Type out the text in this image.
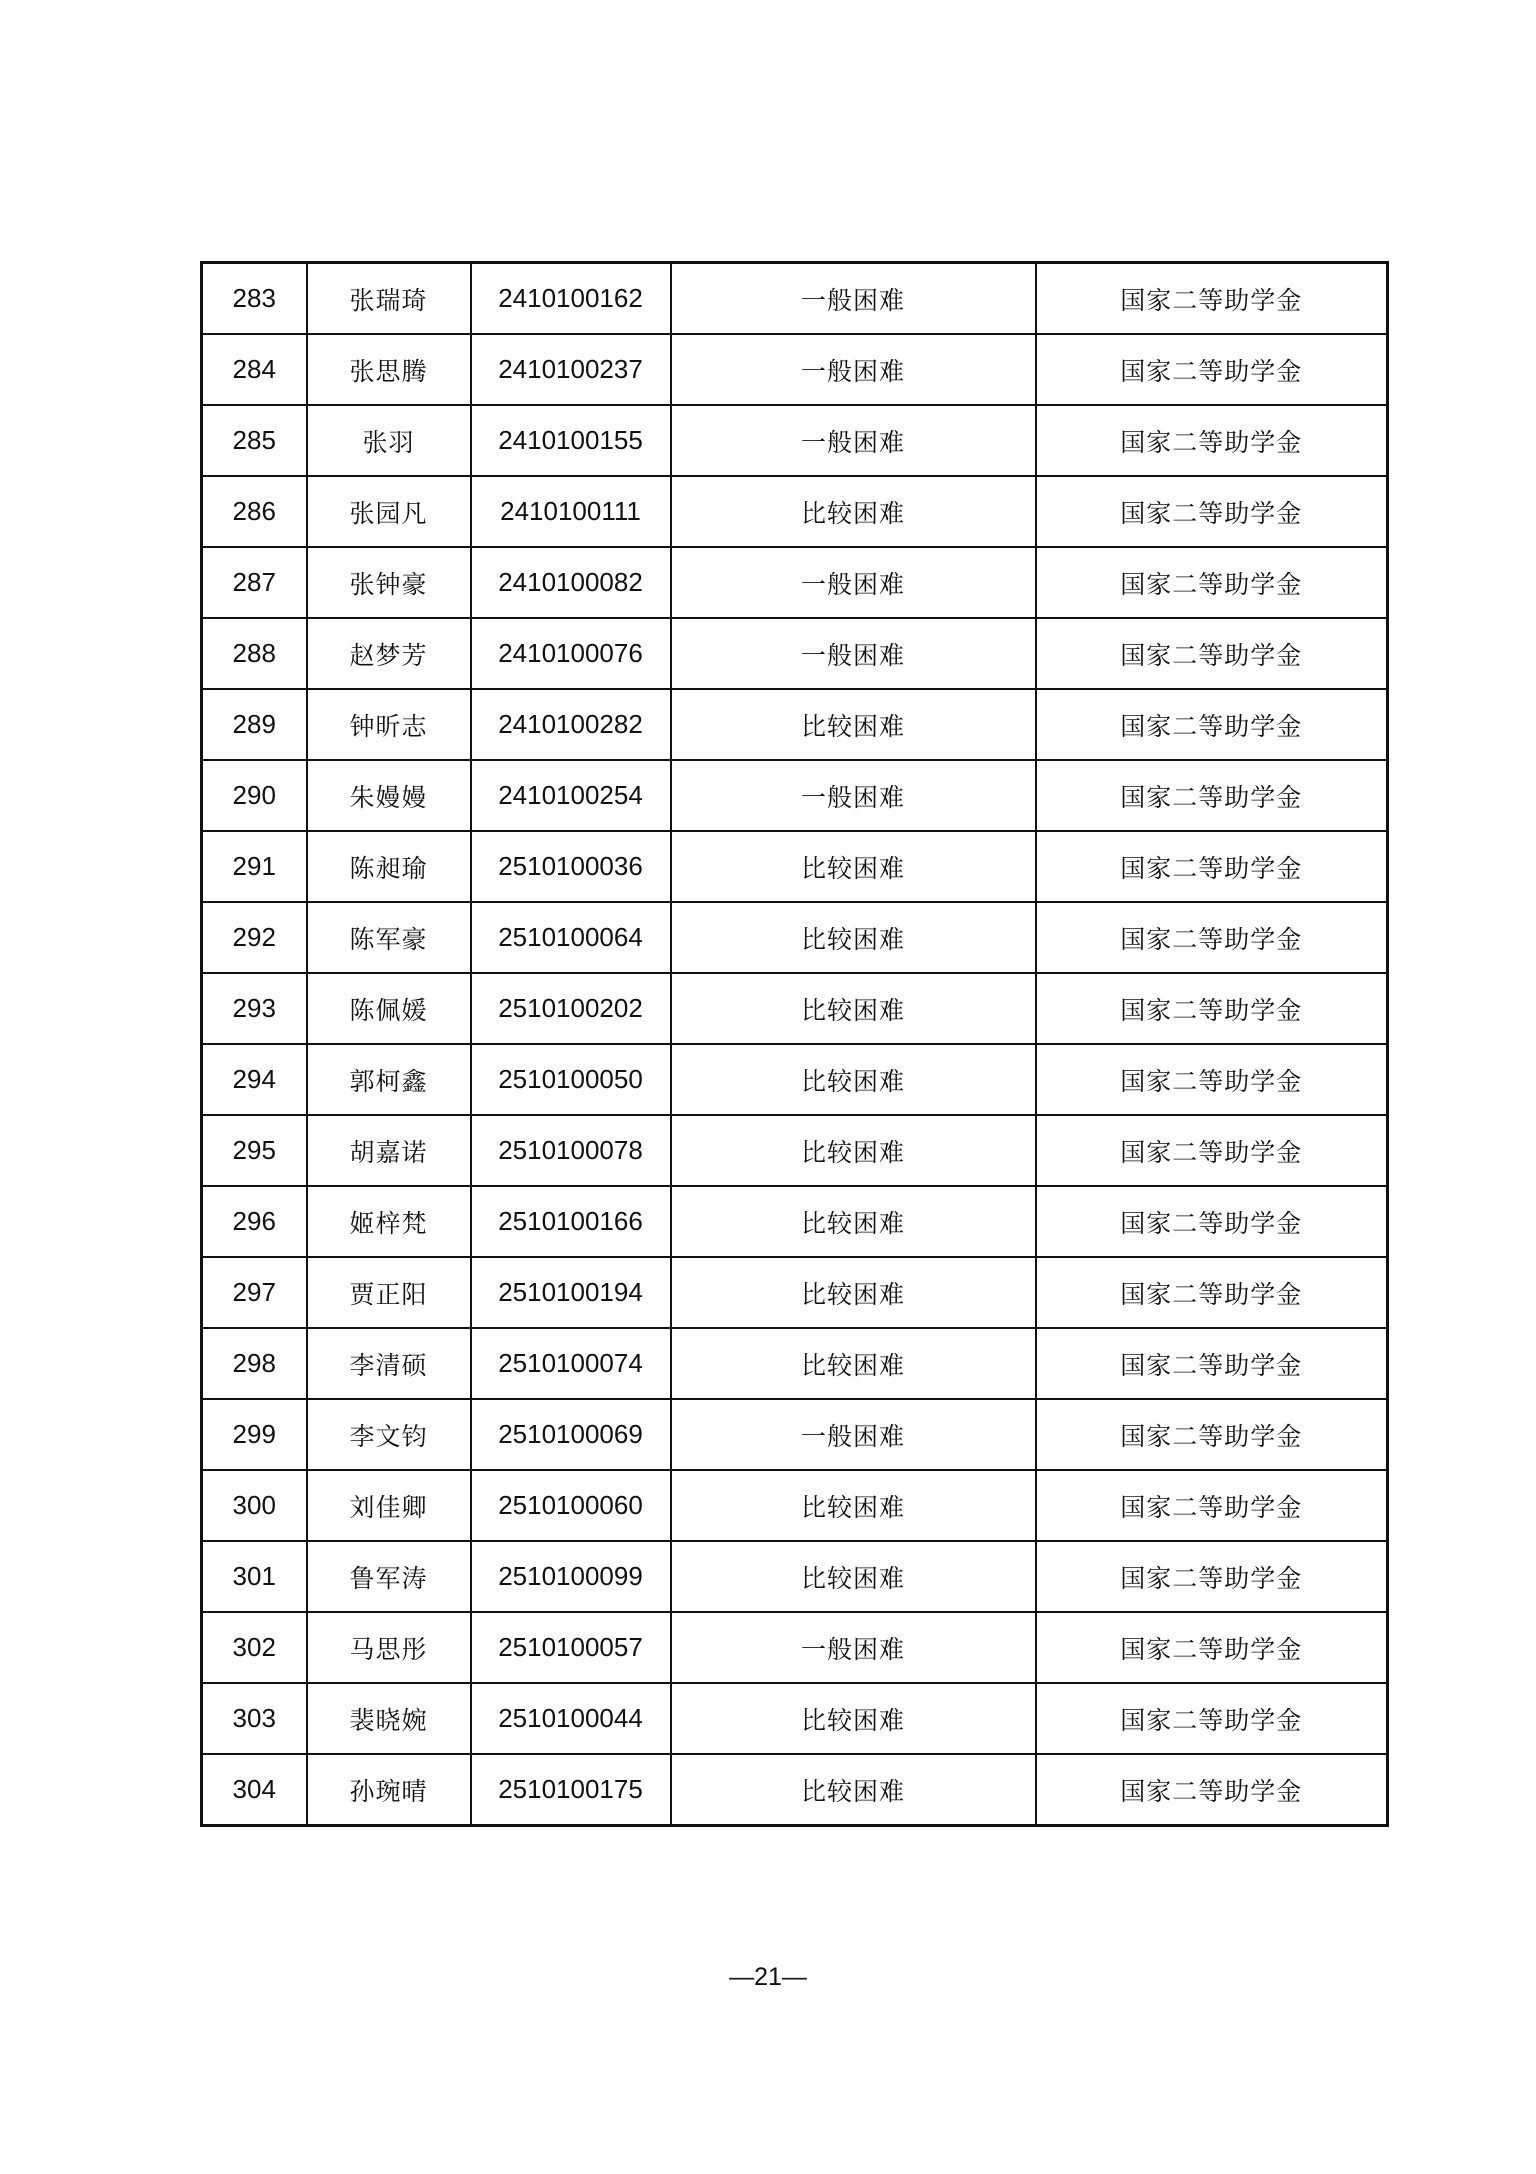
283	张瑞琦	2410100162	一般困难	国家二等助学金
284	张思腾	2410100237	一般困难	国家二等助学金
285	张羽	2410100155	一般困难	国家二等助学金
286	张园凡	2410100111	比较困难	国家二等助学金
287	张钟豪	2410100082	一般困难	国家二等助学金
288	赵梦芳	2410100076	一般困难	国家二等助学金
289	钟昕志	2410100282	比较困难	国家二等助学金
290	朱嫚嫚	2410100254	一般困难	国家二等助学金
291	陈昶瑜	2510100036	比较困难	国家二等助学金
292	陈军豪	2510100064	比较困难	国家二等助学金
293	陈佩媛	2510100202	比较困难	国家二等助学金
294	郭柯鑫	2510100050	比较困难	国家二等助学金
295	胡嘉诺	2510100078	比较困难	国家二等助学金
296	姬梓梵	2510100166	比较困难	国家二等助学金
297	贾正阳	2510100194	比较困难	国家二等助学金
298	李清硕	2510100074	比较困难	国家二等助学金
299	李文钧	2510100069	一般困难	国家二等助学金
300	刘佳卿	2510100060	比较困难	国家二等助学金
301	鲁军涛	2510100099	比较困难	国家二等助学金
302	马思彤	2510100057	一般困难	国家二等助学金
303	裴晓婉	2510100044	比较困难	国家二等助学金
304	孙琬晴	2510100175	比较困难	国家二等助学金
—21—
